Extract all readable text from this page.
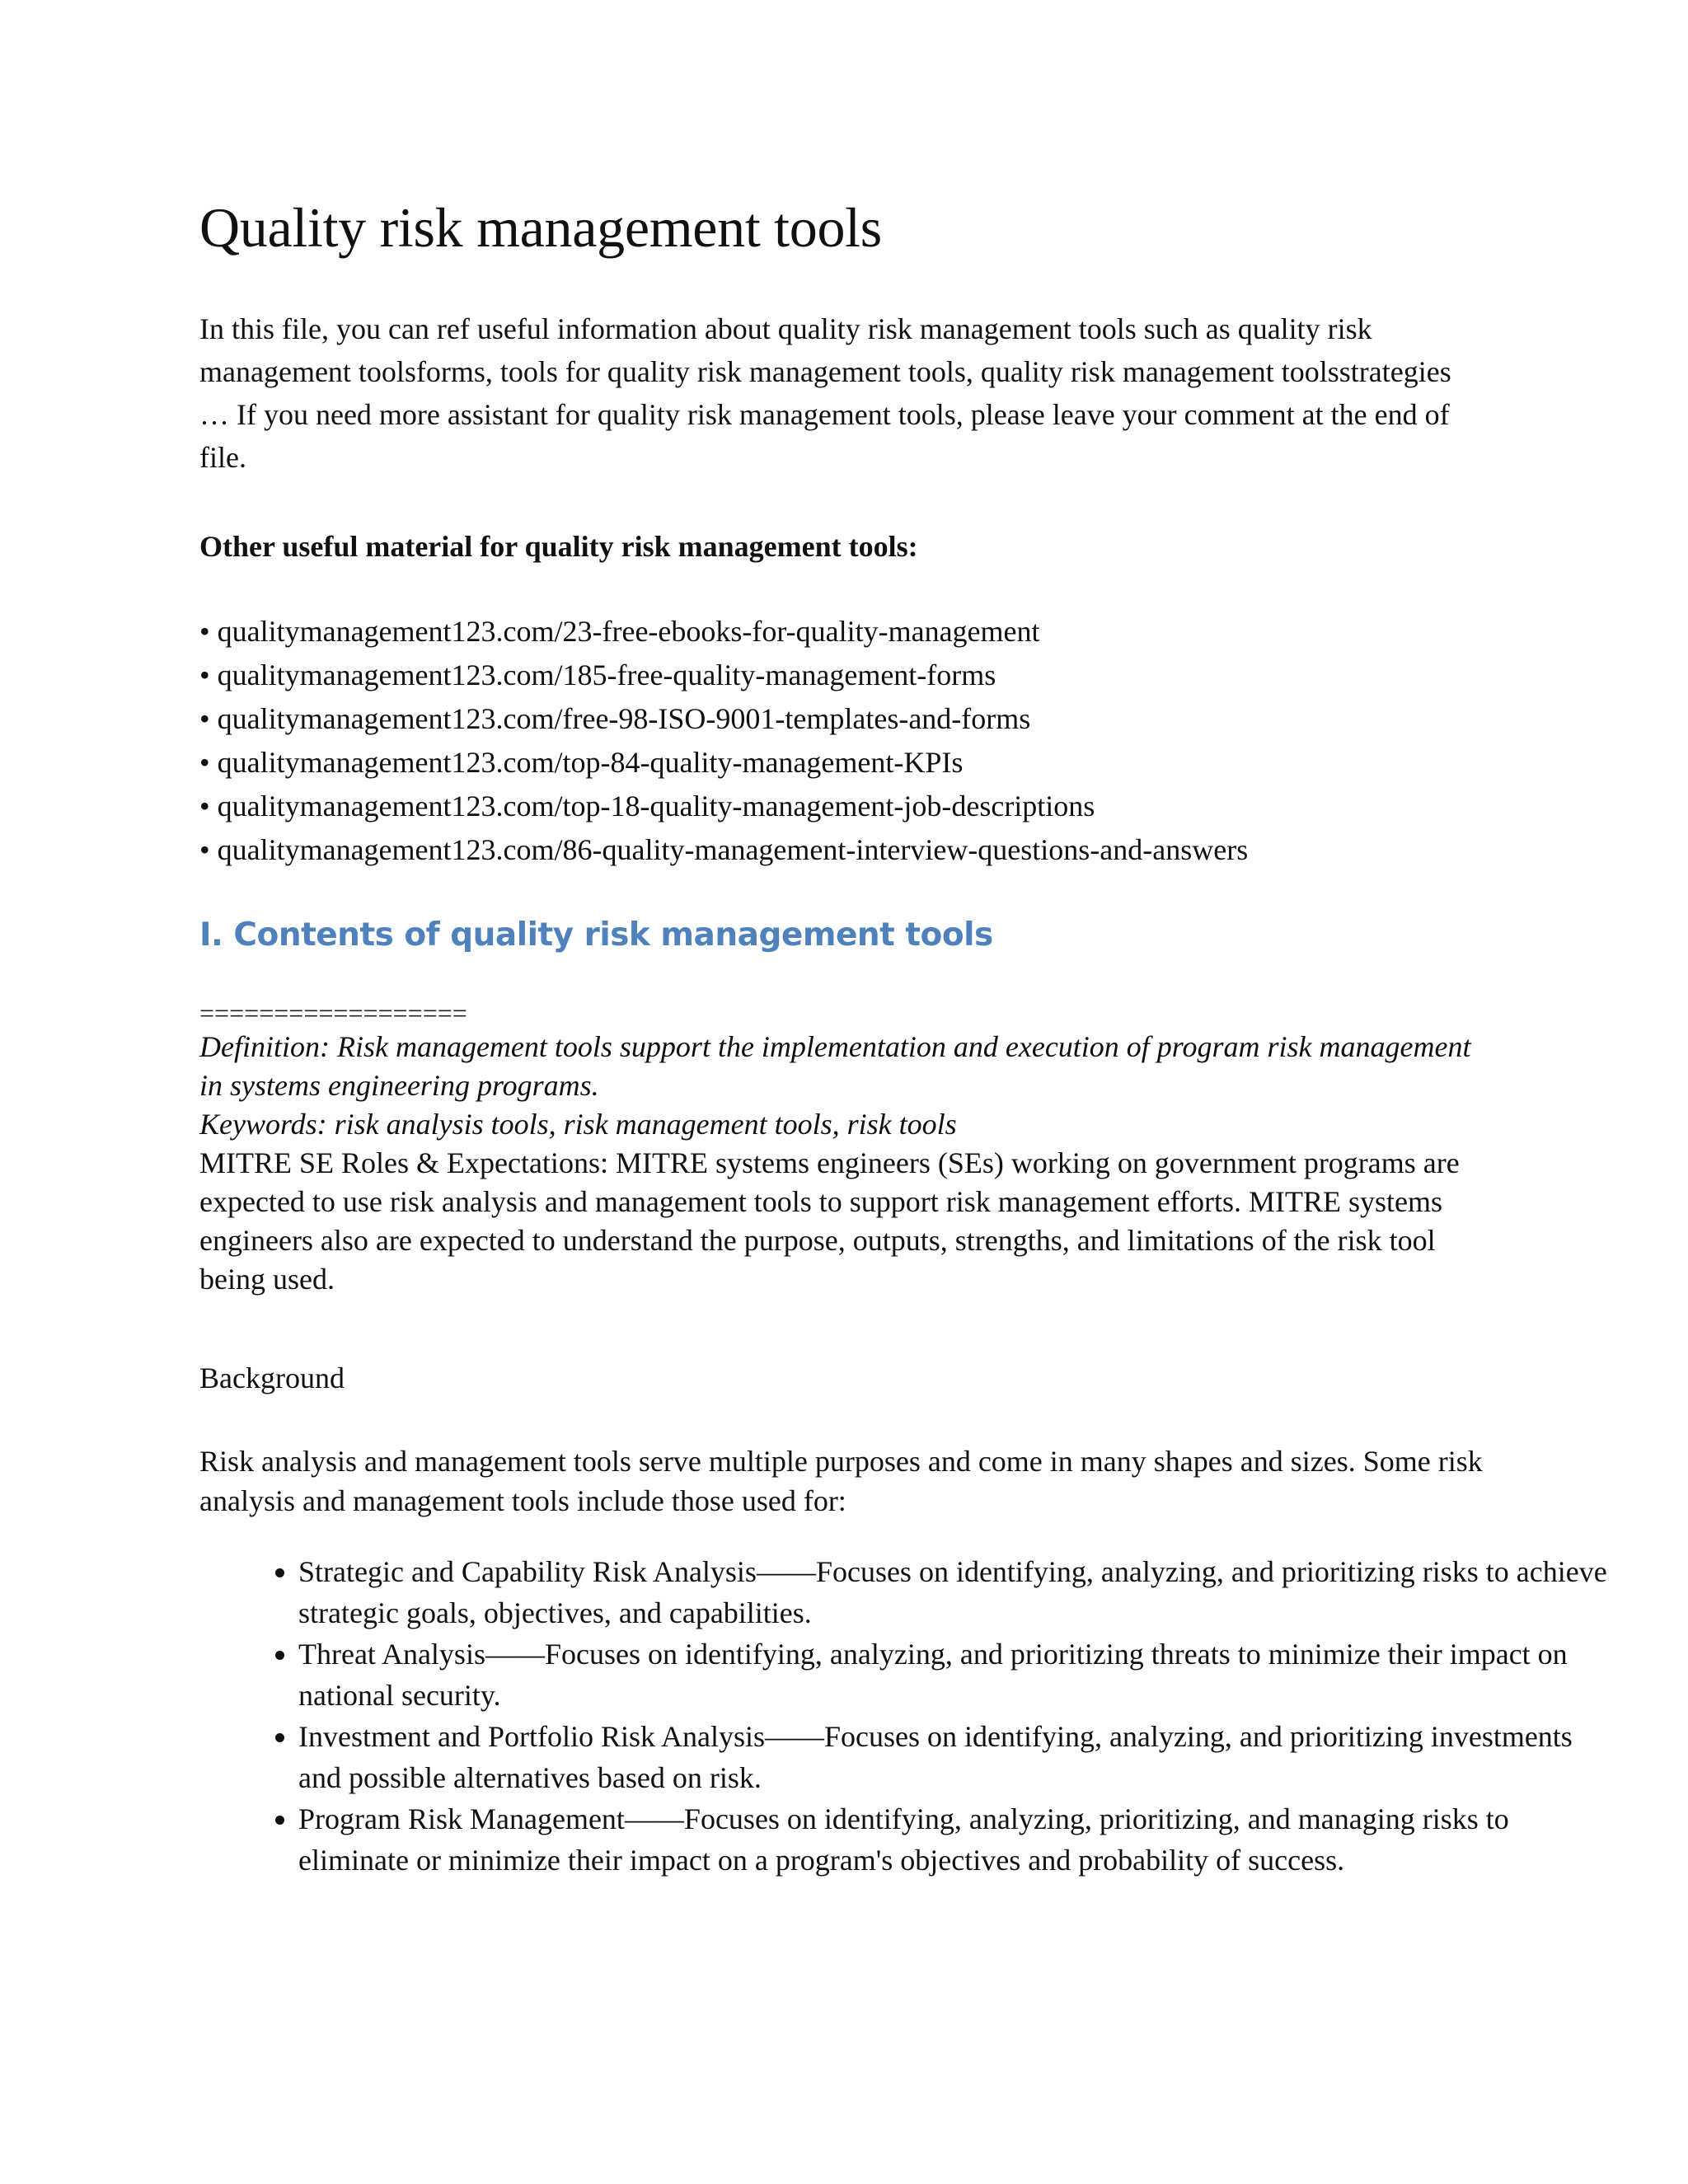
Quality risk management tools

In this file, you can ref useful information about quality risk management tools such as quality risk management toolsforms, tools for quality risk management tools, quality risk management toolsstrategies … If you need more assistant for quality risk management tools, please leave your comment at the end of file.

Other useful material for quality risk management tools:
• qualitymanagement123.com/23-free-ebooks-for-quality-management
• qualitymanagement123.com/185-free-quality-management-forms
• qualitymanagement123.com/free-98-ISO-9001-templates-and-forms
• qualitymanagement123.com/top-84-quality-management-KPIs
• qualitymanagement123.com/top-18-quality-management-job-descriptions
• qualitymanagement123.com/86-quality-management-interview-questions-and-answers
I. Contents of quality risk management tools
==================
Definition: Risk management tools support the implementation and execution of program risk management in systems engineering programs.
Keywords: risk analysis tools, risk management tools, risk tools
MITRE SE Roles & Expectations: MITRE systems engineers (SEs) working on government programs are expected to use risk analysis and management tools to support risk management efforts. MITRE systems engineers also are expected to understand the purpose, outputs, strengths, and limitations of the risk tool being used.
Background
Risk analysis and management tools serve multiple purposes and come in many shapes and sizes. Some risk analysis and management tools include those used for:
• Strategic and Capability Risk Analysis——Focuses on identifying, analyzing, and prioritizing risks to achieve strategic goals, objectives, and capabilities.
• Threat Analysis——Focuses on identifying, analyzing, and prioritizing threats to minimize their impact on national security.
• Investment and Portfolio Risk Analysis——Focuses on identifying, analyzing, and prioritizing investments and possible alternatives based on risk.
• Program Risk Management——Focuses on identifying, analyzing, prioritizing, and managing risks to eliminate or minimize their impact on a program's objectives and probability of success.
